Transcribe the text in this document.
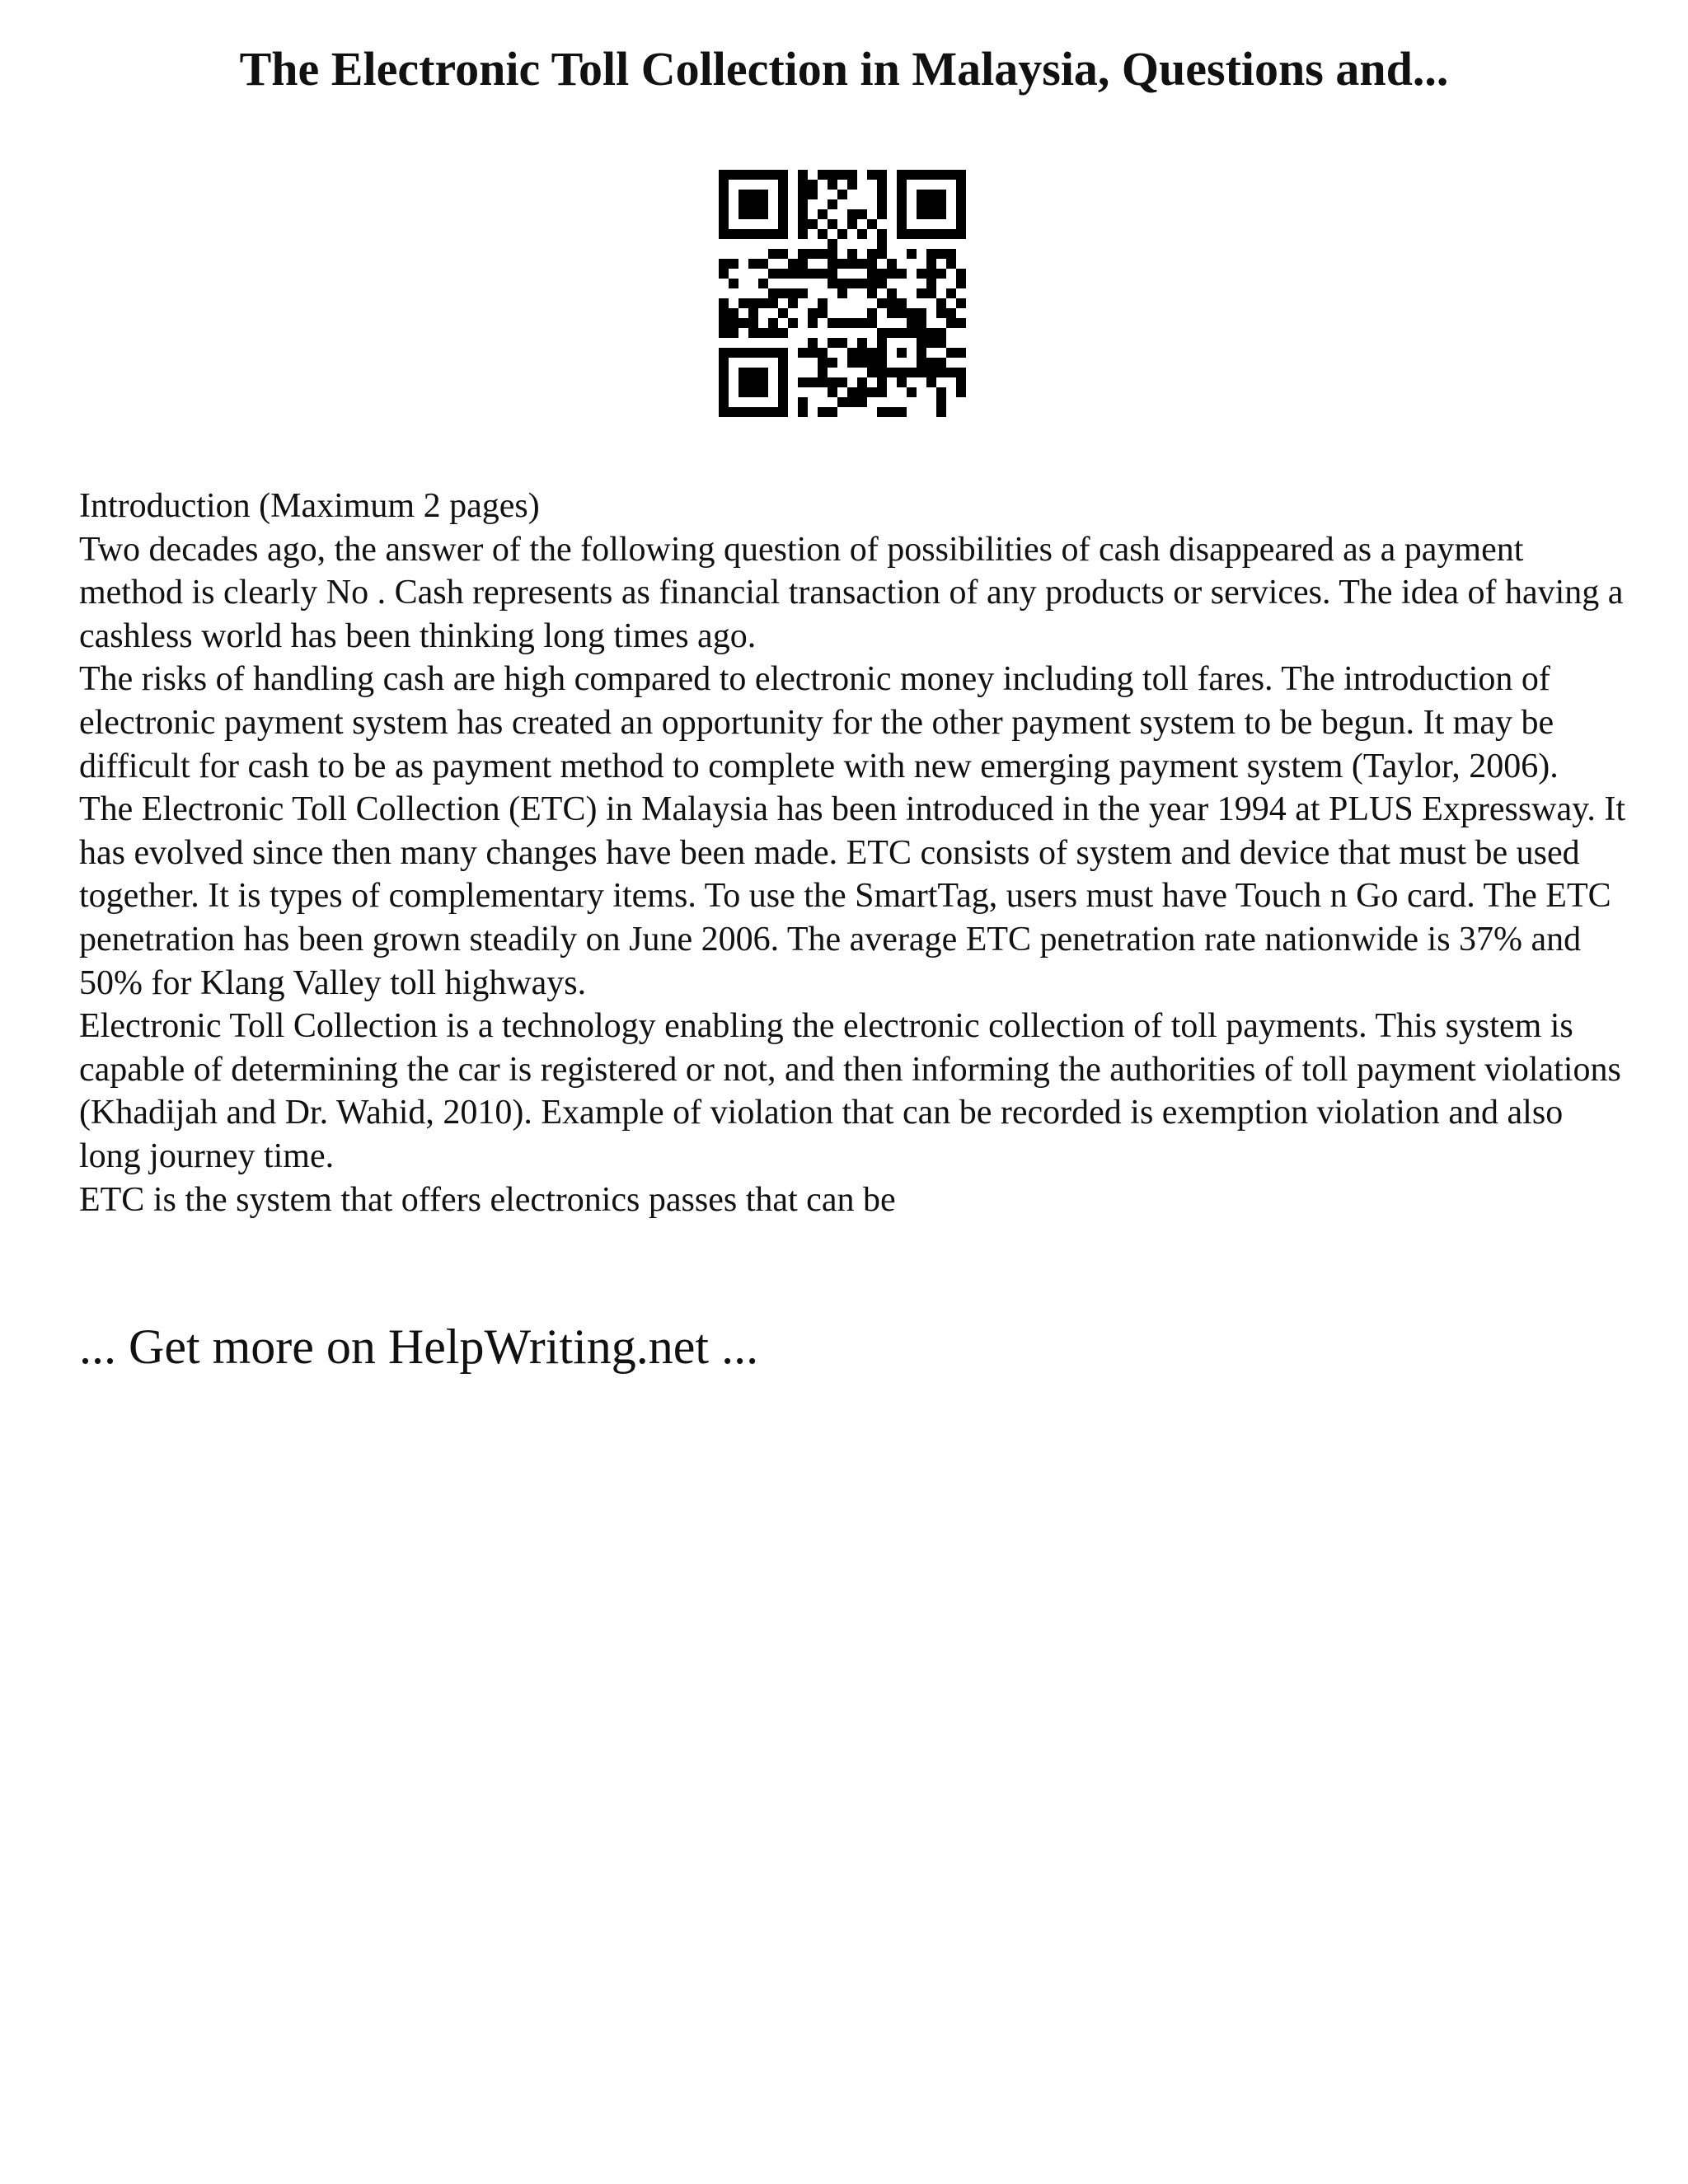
The Electronic Toll Collection in Malaysia, Questions and...

Introduction (Maximum 2 pages)

Two decades ago, the answer of the following question of possibilities of cash disappeared as a payment method is clearly No . Cash represents as financial transaction of any products or services. The idea of having a cashless world has been thinking long times ago.

The risks of handling cash are high compared to electronic money including toll fares. The introduction of electronic payment system has created an opportunity for the other payment system to be begun. It may be difficult for cash to be as payment method to complete with new emerging payment system (Taylor, 2006).

The Electronic Toll Collection (ETC) in Malaysia has been introduced in the year 1994 at PLUS Expressway. It has evolved since then many changes have been made. ETC consists of system and device that must be used together. It is types of complementary items. To use the SmartTag, users must have Touch n Go card. The ETC penetration has been grown steadily on June 2006. The average ETC penetration rate nationwide is 37% and 50% for Klang Valley toll highways.

Electronic Toll Collection is a technology enabling the electronic collection of toll payments. This system is capable of determining the car is registered or not, and then informing the authorities of toll payment violations (Khadijah and Dr. Wahid, 2010). Example of violation that can be recorded is exemption violation and also long journey time.

ETC is the system that offers electronics passes that can be

... Get more on HelpWriting.net ...
